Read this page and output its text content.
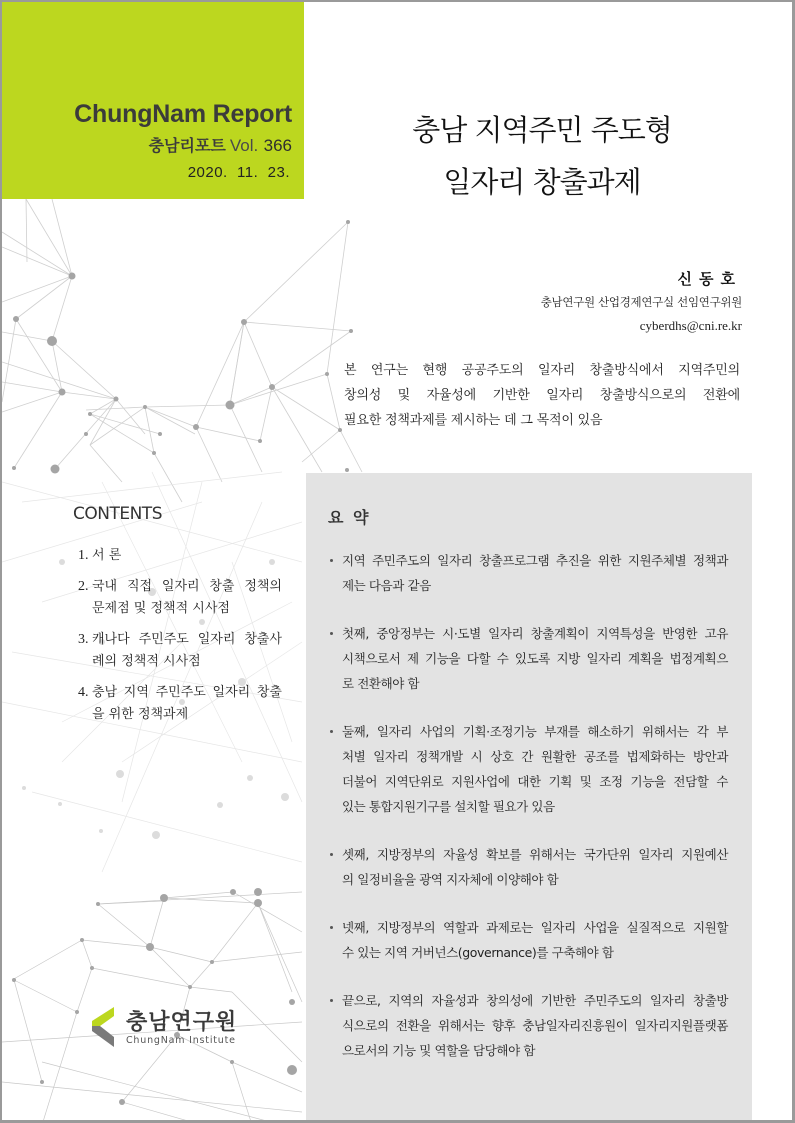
ChungNam Report
충남리포트 Vol. 366
2020.  11.  23.
충남 지역주민 주도형
일자리 창출과제
신동호
충남연구원 산업경제연구실 선임연구위원
cyberdhs@cni.re.kr
본 연구는 현행 공공주도의 일자리 창출방식에서 지역주민의
창의성 및 자율성에 기반한 일자리 창출방식으로의 전환에
필요한 정책과제를 제시하는 데 그 목적이 있음
CONTENTS
1. 서 론
2. 국내 직접 일자리 창출 정책의
문제점 및 정책적 시사점
3. 캐나다 주민주도 일자리 창출사
례의 정책적 시사점
4. 충남 지역 주민주도 일자리 창출
을 위한 정책과제
요 약
지역 주민주도의 일자리 창출프로그램 추진을 위한 지원주체별 정책과
제는 다음과 같음
첫째, 중앙정부는 시·도별 일자리 창출계획이 지역특성을 반영한 고유
시책으로서 제 기능을 다할 수 있도록 지방 일자리 계획을 법정계획으
로 전환해야 함
둘째, 일자리 사업의 기획·조정기능 부재를 해소하기 위해서는 각 부
처별 일자리 정책개발 시 상호 간 원활한 공조를 법제화하는 방안과
더불어 지역단위로 지원사업에 대한 기획 및 조정 기능을 전담할 수
있는 통합지원기구를 설치할 필요가 있음
셋째, 지방정부의 자율성 확보를 위해서는 국가단위 일자리 지원예산
의 일정비율을 광역 지자체에 이양해야 함
넷째, 지방정부의 역할과 과제로는 일자리 사업을 실질적으로 지원할
수 있는 지역 거버넌스(governance)를 구축해야 함
끝으로, 지역의 자율성과 창의성에 기반한 주민주도의 일자리 창출방
식으로의 전환을 위해서는 향후 충남일자리진흥원이 일자리지원플랫폼
으로서의 기능 및 역할을 담당해야 함
충남연구원
ChungNam Institute
